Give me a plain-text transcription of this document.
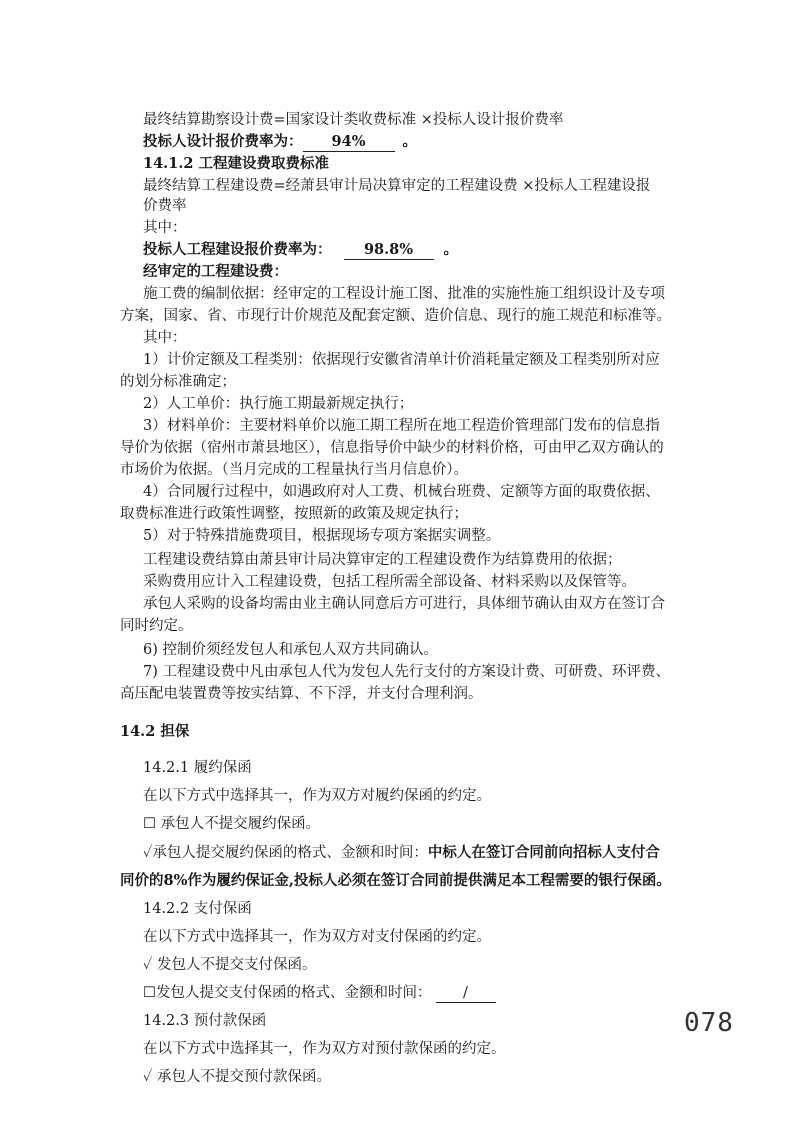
最终结算勘察设计费=国家设计类收费标准 ×投标人设计报价费率
投标人设计报价费率为： 94%	。
14.1.2 工程建设费取费标准
最终结算工程建设费=经萧县审计局决算审定的工程建设费 ×投标人工程建设报
价费率
其中：
投标人工程建设报价费率为： 98.8% 。
经审定的工程建设费：
施工费的编制依据：经审定的工程设计施工图、批准的实施性施工组织设计及专项
方案，国家、省、市现行计价规范及配套定额、造价信息、现行的施工规范和标准等。
其中：
1）计价定额及工程类别：依据现行安徽省清单计价消耗量定额及工程类别所对应
的划分标准确定；
2）人工单价：执行施工期最新规定执行；
3）材料单价：主要材料单价以施工期工程所在地工程造价管理部门发布的信息指
导价为依据（宿州市萧县地区），信息指导价中缺少的材料价格，可由甲乙双方确认的
市场价为依据。（当月完成的工程量执行当月信息价）。
4）合同履行过程中，如遇政府对人工费、机械台班费、定额等方面的取费依据、
取费标准进行政策性调整，按照新的政策及规定执行；
5）对于特殊措施费项目，根据现场专项方案据实调整。
工程建设费结算由萧县审计局决算审定的工程建设费作为结算费用的依据；
采购费用应计入工程建设费，包括工程所需全部设备、材料采购以及保管等。
承包人采购的设备均需由业主确认同意后方可进行，具体细节确认由双方在签订合
同时约定。
6) 控制价须经发包人和承包人双方共同确认。
7) 工程建设费中凡由承包人代为发包人先行支付的方案设计费、可研费、环评费、
高压配电装置费等按实结算、不下浮，并支付合理利润。
14.2 担保
14.2.1 履约保函
在以下方式中选择其一，作为双方对履约保函的约定。
☐ 承包人不提交履约保函。
✓承包人提交履约保函的格式、金额和时间：中标人在签订合同前向招标人支付合
同价的8%作为履约保证金,投标人必须在签订合同前提供满足本工程需要的银行保函。
14.2.2 支付保函
在以下方式中选择其一，作为双方对支付保函的约定。
✓ 发包人不提交支付保函。
☐发包人提交支付保函的格式、金额和时间： /
14.2.3 预付款保函
在以下方式中选择其一，作为双方对预付款保函的约定。
✓ 承包人不提交预付款保函。
078
